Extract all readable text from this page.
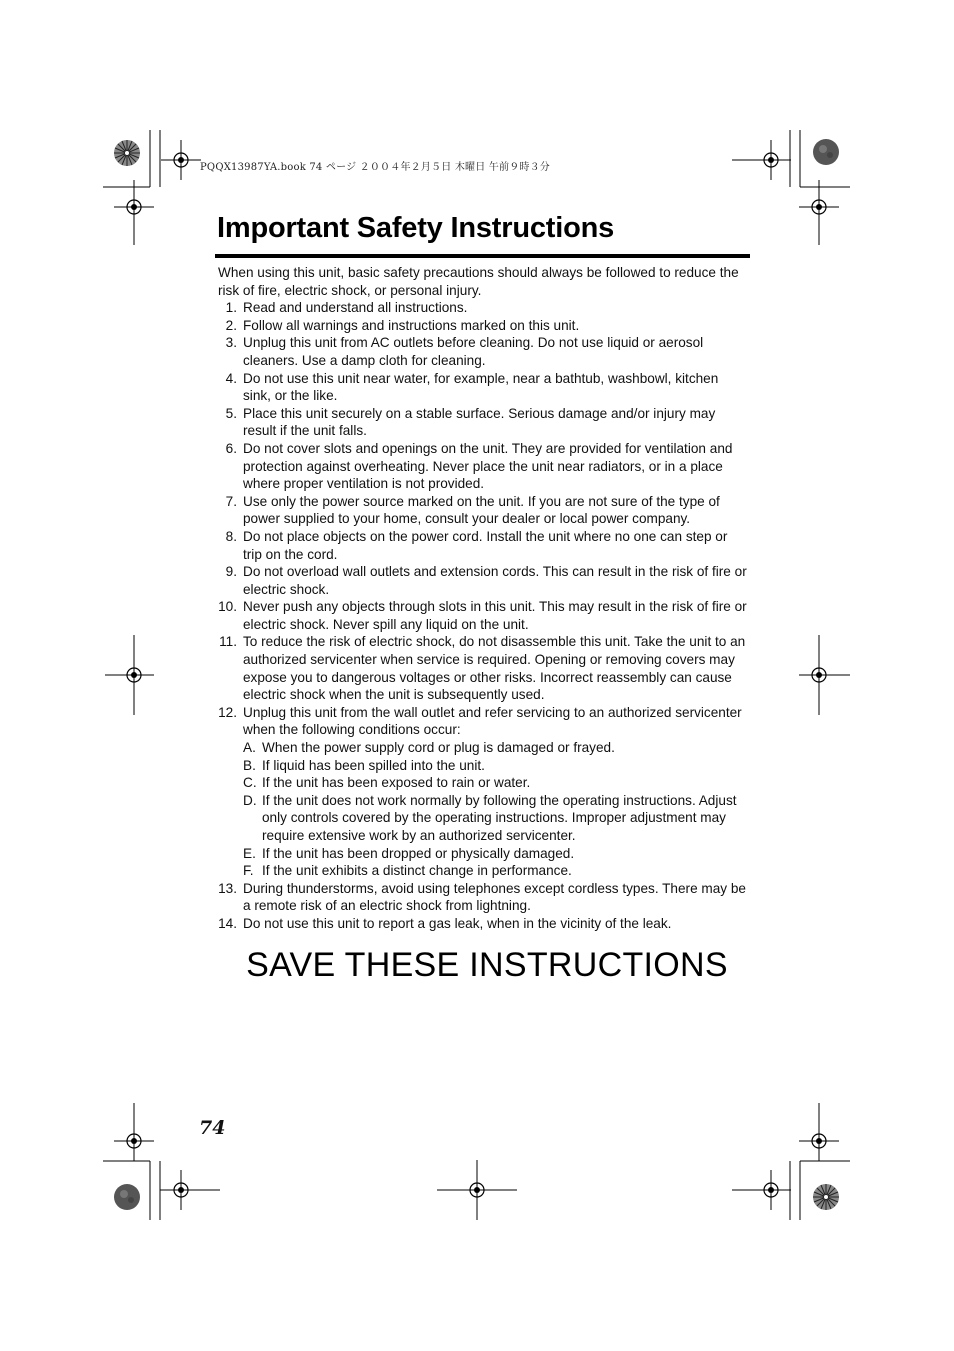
PQQX13987YA.book 74 ページ ２００４年２月５日 木曜日 午前９時３分
Important Safety Instructions

When using this unit, basic safety precautions should always be followed to reduce the risk of fire, electric shock, or personal injury.

1. Read and understand all instructions.
2. Follow all warnings and instructions marked on this unit.
3. Unplug this unit from AC outlets before cleaning. Do not use liquid or aerosol cleaners. Use a damp cloth for cleaning.
4. Do not use this unit near water, for example, near a bathtub, washbowl, kitchen sink, or the like.
5. Place this unit securely on a stable surface. Serious damage and/or injury may result if the unit falls.
6. Do not cover slots and openings on the unit. They are provided for ventilation and protection against overheating. Never place the unit near radiators, or in a place where proper ventilation is not provided.
7. Use only the power source marked on the unit. If you are not sure of the type of power supplied to your home, consult your dealer or local power company.
8. Do not place objects on the power cord. Install the unit where no one can step or trip on the cord.
9. Do not overload wall outlets and extension cords. This can result in the risk of fire or electric shock.
10. Never push any objects through slots in this unit. This may result in the risk of fire or electric shock. Never spill any liquid on the unit.
11. To reduce the risk of electric shock, do not disassemble this unit. Take the unit to an authorized servicenter when service is required. Opening or removing covers may expose you to dangerous voltages or other risks. Incorrect reassembly can cause electric shock when the unit is subsequently used.
12. Unplug this unit from the wall outlet and refer servicing to an authorized servicenter when the following conditions occur:
A. When the power supply cord or plug is damaged or frayed.
B. If liquid has been spilled into the unit.
C. If the unit has been exposed to rain or water.
D. If the unit does not work normally by following the operating instructions. Adjust only controls covered by the operating instructions. Improper adjustment may require extensive work by an authorized servicenter.
E. If the unit has been dropped or physically damaged.
F. If the unit exhibits a distinct change in performance.
13. During thunderstorms, avoid using telephones except cordless types. There may be a remote risk of an electric shock from lightning.
14. Do not use this unit to report a gas leak, when in the vicinity of the leak.
SAVE THESE INSTRUCTIONS
74
